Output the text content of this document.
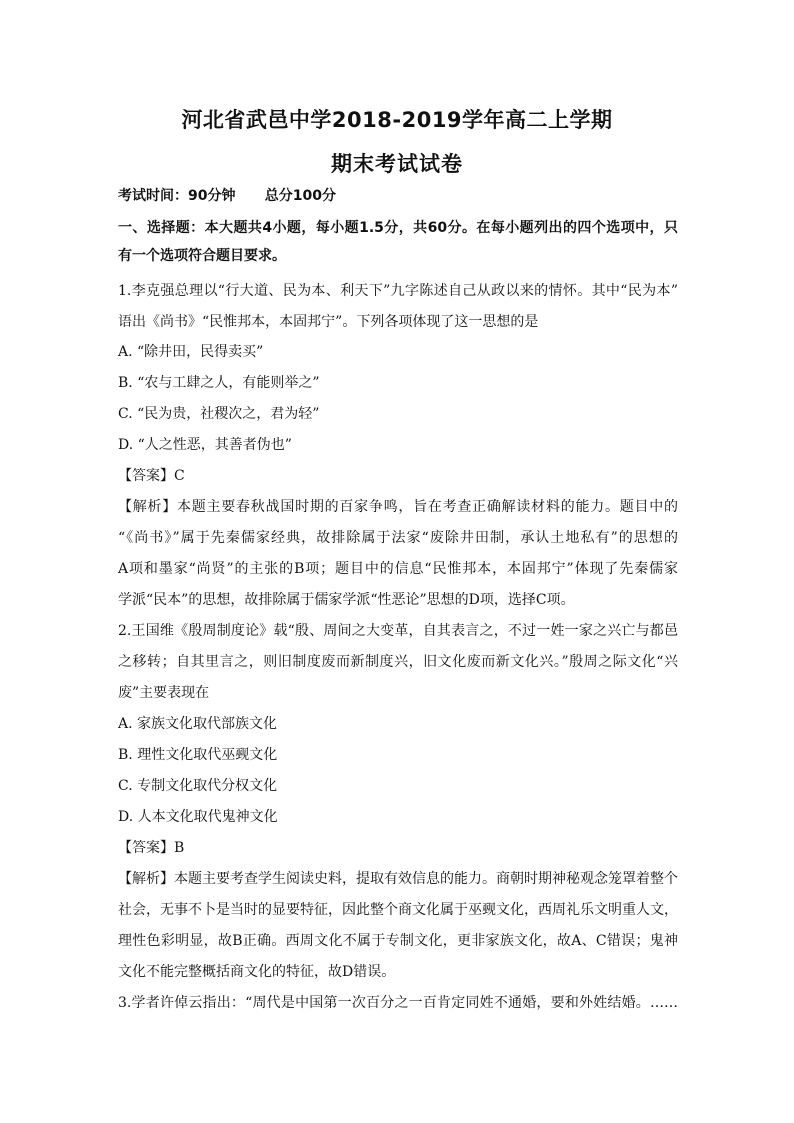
河北省武邑中学2018-2019学年高二上学期
期末考试试卷
考试时间：90分钟      总分100分
一、选择题：本大题共4小题，每小题1.5分，共60分。在每小题列出的四个选项中，只
有一个选项符合题目要求。
1.李克强总理以“行大道、民为本、利天下”九字陈述自己从政以来的情怀。其中“民为本”
语出《尚书》“民惟邦本，本固邦宁”。下列各项体现了这一思想的是
A. “除井田，民得卖买”
B. “农与工肆之人，有能则举之”
C. “民为贵，社稷次之，君为轻”
D. “人之性恶，其善者伪也”
【答案】C
【解析】本题主要春秋战国时期的百家争鸣，旨在考查正确解读材料的能力。题目中的
“《尚书》”属于先秦儒家经典，故排除属于法家“废除井田制，承认土地私有”的思想的
A项和墨家“尚贤”的主张的B项；题目中的信息“民惟邦本，本固邦宁”体现了先秦儒家
学派“民本”的思想，故排除属于儒家学派“性恶论”思想的D项，选择C项。
2.王国维《殷周制度论》载“殷、周间之大变革，自其表言之，不过一姓一家之兴亡与都邑
之移转；自其里言之，则旧制度废而新制度兴，旧文化废而新文化兴。”殷周之际文化“兴
废”主要表现在
A. 家族文化取代部族文化
B. 理性文化取代巫觋文化
C. 专制文化取代分权文化
D. 人本文化取代鬼神文化
【答案】B
【解析】本题主要考查学生阅读史料，提取有效信息的能力。商朝时期神秘观念笼罩着整个
社会，无事不卜是当时的显要特征，因此整个商文化属于巫觋文化，西周礼乐文明重人文，
理性色彩明显，故B正确。西周文化不属于专制文化，更非家族文化，故A、C错误；鬼神
文化不能完整概括商文化的特征，故D错误。
3.学者许倬云指出：“周代是中国第一次百分之一百肯定同姓不通婚，要和外姓结婚。……
